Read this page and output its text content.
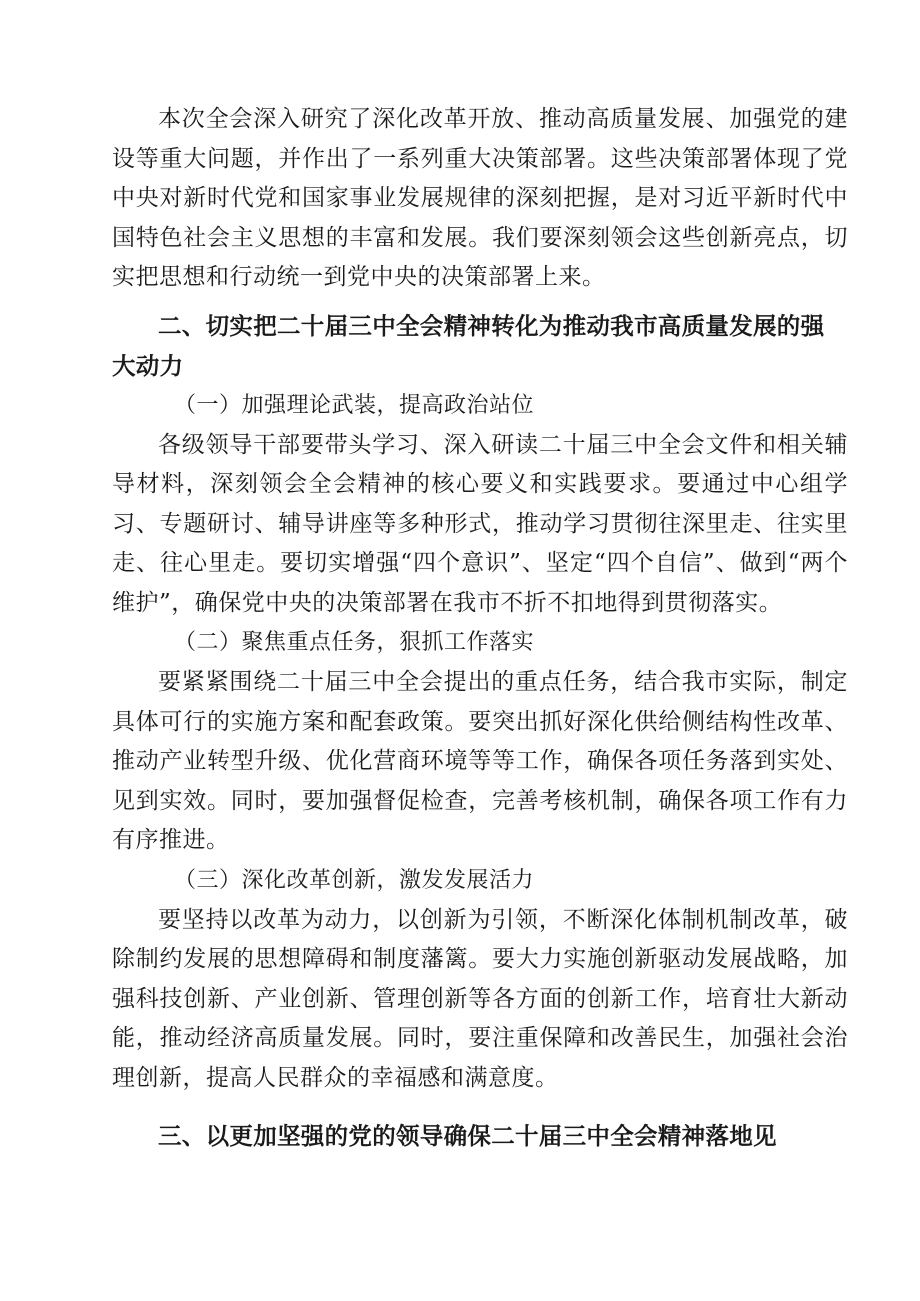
本次全会深入研究了深化改革开放、推动高质量发展、加强党的建设等重大问题，并作出了一系列重大决策部署。这些决策部署体现了党中央对新时代党和国家事业发展规律的深刻把握，是对习近平新时代中国特色社会主义思想的丰富和发展。我们要深刻领会这些创新亮点，切实把思想和行动统一到党中央的决策部署上来。

二、切实把二十届三中全会精神转化为推动我市高质量发展的强大动力

（一）加强理论武装，提高政治站位

各级领导干部要带头学习、深入研读二十届三中全会文件和相关辅导材料，深刻领会全会精神的核心要义和实践要求。要通过中心组学习、专题研讨、辅导讲座等多种形式，推动学习贯彻往深里走、往实里走、往心里走。要切实增强“四个意识”、坚定“四个自信”、做到“两个维护”，确保党中央的决策部署在我市不折不扣地得到贯彻落实。

（二）聚焦重点任务，狠抓工作落实

要紧紧围绕二十届三中全会提出的重点任务，结合我市实际，制定具体可行的实施方案和配套政策。要突出抓好深化供给侧结构性改革、推动产业转型升级、优化营商环境等等工作，确保各项任务落到实处、见到实效。同时，要加强督促检查，完善考核机制，确保各项工作有力有序推进。

（三）深化改革创新，激发发展活力

要坚持以改革为动力，以创新为引领，不断深化体制机制改革，破除制约发展的思想障碍和制度藩篱。要大力实施创新驱动发展战略，加强科技创新、产业创新、管理创新等各方面的创新工作，培育壮大新动能，推动经济高质量发展。同时，要注重保障和改善民生，加强社会治理创新，提高人民群众的幸福感和满意度。

三、以更加坚强的党的领导确保二十届三中全会精神落地见
